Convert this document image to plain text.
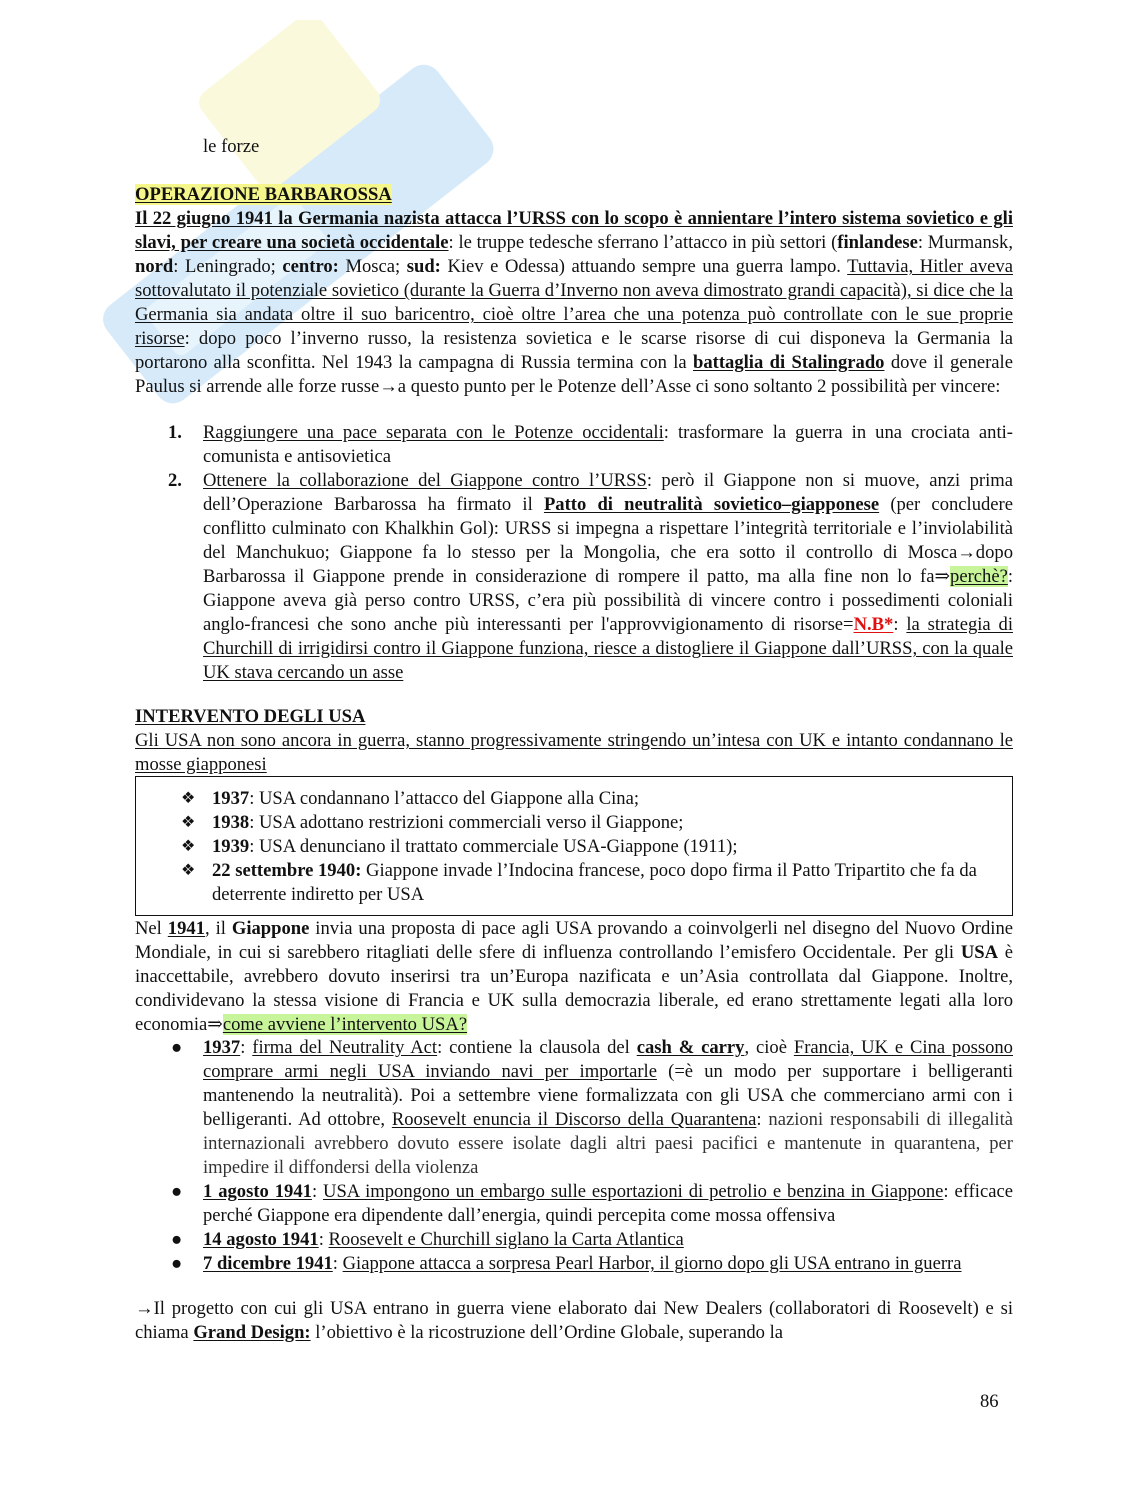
le forze
OPERAZIONE BARBAROSSA

Il 22 giugno 1941 la Germania nazista attacca l’URSS con lo scopo è annientare l’intero sistema sovietico e gli slavi, per creare una società occidentale: le truppe tedesche sferrano l’attacco in più settori (finlandese: Murmansk, nord: Leningrado; centro: Mosca; sud: Kiev e Odessa) attuando sempre una guerra lampo. Tuttavia, Hitler aveva sottovalutato il potenziale sovietico (durante la Guerra d’Inverno non aveva dimostrato grandi capacità), si dice che la Germania sia andata oltre il suo baricentro, cioè oltre l’area che una potenza può controllate con le sue proprie risorse: dopo poco l’inverno russo, la resistenza sovietica e le scarse risorse di cui disponeva la Germania la portarono alla sconfitta. Nel 1943 la campagna di Russia termina con la battaglia di Stalingrado dove il generale Paulus si arrende alle forze russe→a questo punto per le Potenze dell’Asse ci sono soltanto 2 possibilità per vincere:

1. Raggiungere una pace separata con le Potenze occidentali: trasformare la guerra in una crociata anti-comunista e antisovietica
2. Ottenere la collaborazione del Giappone contro l’URSS: però il Giappone non si muove, anzi prima dell’Operazione Barbarossa ha firmato il Patto di neutralità sovietico–giapponese (per concludere conflitto culminato con Khalkhin Gol): URSS si impegna a rispettare l’integrità territoriale e l’inviolabilità del Manchukuo; Giappone fa lo stesso per la Mongolia, che era sotto il controllo di Mosca→dopo Barbarossa il Giappone prende in considerazione di rompere il patto, ma alla fine non lo fa⇒perchè?: Giappone aveva già perso contro URSS, c’era più possibilità di vincere contro i possedimenti coloniali anglo-francesi che sono anche più interessanti per l'approvvigionamento di risorse=N.B*: la strategia di Churchill di irrigidirsi contro il Giappone funziona, riesce a distogliere il Giappone dall’URSS, con la quale UK stava cercando un asse
INTERVENTO DEGLI USA

Gli USA non sono ancora in guerra, stanno progressivamente stringendo un’intesa con UK e intanto condannano le mosse giapponesi

❖ 1937: USA condannano l’attacco del Giappone alla Cina;
❖ 1938: USA adottano restrizioni commerciali verso il Giappone;
❖ 1939: USA denunciano il trattato commerciale USA-Giappone (1911);
❖ 22 settembre 1940: Giappone invade l’Indocina francese, poco dopo firma il Patto Tripartito che fa da deterrente indiretto per USA

Nel 1941, il Giappone invia una proposta di pace agli USA provando a coinvolgerli nel disegno del Nuovo Ordine Mondiale, in cui si sarebbero ritagliati delle sfere di influenza controllando l’emisfero Occidentale. Per gli USA è inaccettabile, avrebbero dovuto inserirsi tra un’Europa nazificata e un’Asia controllata dal Giappone. Inoltre, condividevano la stessa visione di Francia e UK sulla democrazia liberale, ed erano strettamente legati alla loro economia⇒come avviene l’intervento USA?

● 1937: firma del Neutrality Act: contiene la clausola del cash & carry, cioè Francia, UK e Cina possono comprare armi negli USA inviando navi per importarle (=è un modo per supportare i belligeranti mantenendo la neutralità). Poi a settembre viene formalizzata con gli USA che commerciano armi con i belligeranti. Ad ottobre, Roosevelt enuncia il Discorso della Quarantena: nazioni responsabili di illegalità internazionali avrebbero dovuto essere isolate dagli altri paesi pacifici e mantenute in quarantena, per impedire il diffondersi della violenza
● 1 agosto 1941: USA impongono un embargo sulle esportazioni di petrolio e benzina in Giappone: efficace perché Giappone era dipendente dall’energia, quindi percepita come mossa offensiva
● 14 agosto 1941: Roosevelt e Churchill siglano la Carta Atlantica
● 7 dicembre 1941: Giappone attacca a sorpresa Pearl Harbor, il giorno dopo gli USA entrano in guerra

→Il progetto con cui gli USA entrano in guerra viene elaborato dai New Dealers (collaboratori di Roosevelt) e si chiama Grand Design: l’obiettivo è la ricostruzione dell’Ordine Globale, superando la

86
